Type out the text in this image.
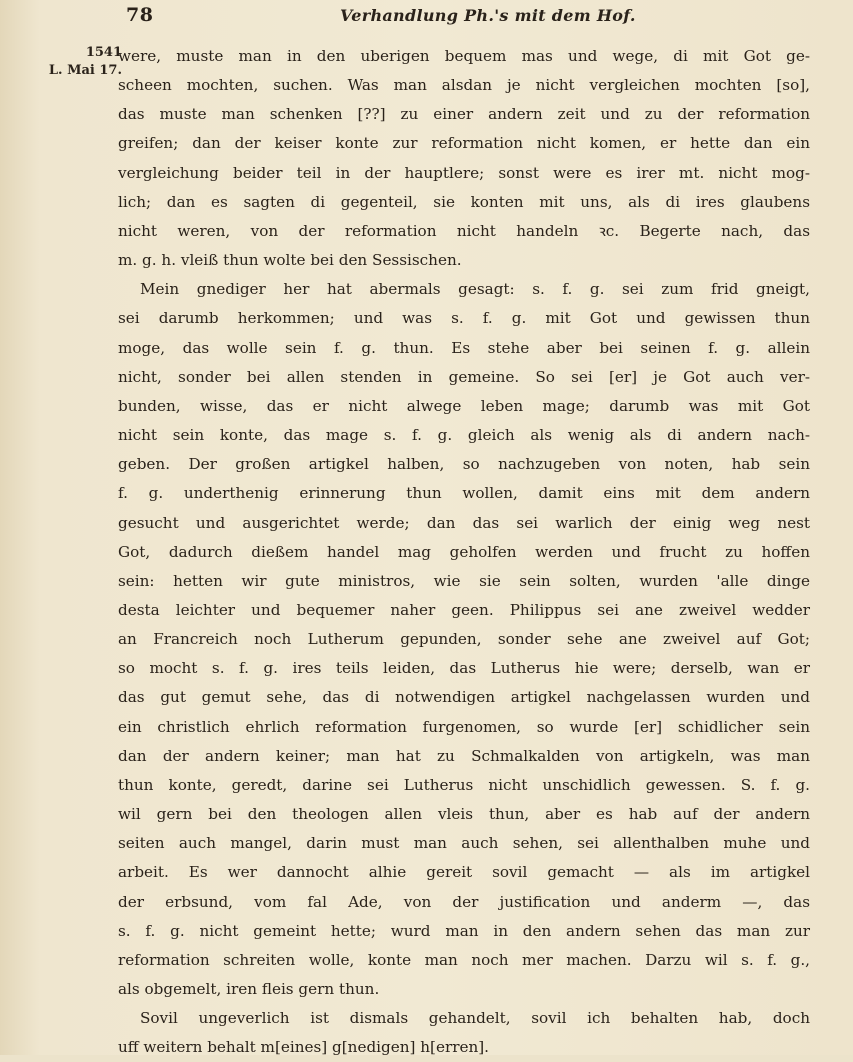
78	Verhandlung Ph.'s mit dem Hof.
1541
L. Mai 17.
were, muste man in den uberigen bequem mas und wege, di mit Got ge-
scheen mochten, suchen. Was man alsdan je nicht vergleichen mochten [so],
das muste man schenken [??] zu einer andern zeit und zu der reformation
greifen; dan der keiser konte zur reformation nicht komen, er hette dan ein
vergleichung beider teil in der hauptlere; sonst were es irer mt. nicht mog-
lich; dan es sagten di gegenteil, sie konten mit uns, als di ires glaubens
nicht weren, von der reformation nicht handeln ꝛc. Begerte nach, das
m. g. h. vleiß thun wolte bei den Sessischen.
Mein gnediger her hat abermals gesagt: s. f. g. sei zum frid gneigt,
sei darumb herkommen; und was s. f. g. mit Got und gewissen thun
moge, das wolle sein f. g. thun. Es stehe aber bei seinen f. g. allein
nicht, sonder bei allen stenden in gemeine. So sei [er] je Got auch ver-
bunden, wisse, das er nicht alwege leben mage; darumb was mit Got
nicht sein konte, das mage s. f. g. gleich als wenig als di andern nach-
geben. Der großen artigkel halben, so nachzugeben von noten, hab sein
f. g. underthenig erinnerung thun wollen, damit eins mit dem andern
gesucht und ausgerichtet werde; dan das sei warlich der einig weg nest
Got, dadurch dießem handel mag geholfen werden und frucht zu hoffen
sein: hetten wir gute ministros, wie sie sein solten, wurden 'alle dinge
desta leichter und bequemer naher geen. Philippus sei ane zweivel wedder
an Francreich noch Lutherum gepunden, sonder sehe ane zweivel auf Got;
so mocht s. f. g. ires teils leiden, das Lutherus hie were; derselb, wan er
das gut gemut sehe, das di notwendigen artigkel nachgelassen wurden und
ein christlich ehrlich reformation furgenomen, so wurde [er] schidlicher sein
dan der andern keiner; man hat zu Schmalkalden von artigkeln, was man
thun konte, geredt, darine sei Lutherus nicht unschidlich gewessen. S. f. g.
wil gern bei den theologen allen vleis thun, aber es hab auf der andern
seiten auch mangel, darin must man auch sehen, sei allenthalben muhe und
arbeit. Es wer dannocht alhie gereit sovil gemacht — als im artigkel
der erbsund, vom fal Ade, von der justification und anderm —, das
s. f. g. nicht gemeint hette; wurd man in den andern sehen das man zur
reformation schreiten wolle, konte man noch mer machen. Darzu wil s. f. g.,
als obgemelt, iren fleis gern thun.
Sovil ungeverlich ist dismals gehandelt, sovil ich behalten hab, doch
uff weitern behalt m[eines] g[nedigen] h[erren].
